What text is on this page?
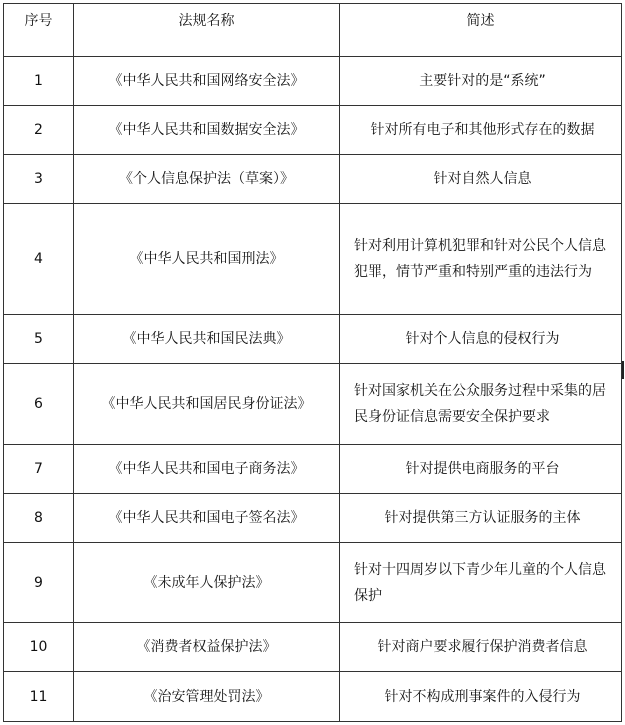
序号	法规名称	简述
1	《中华人民共和国网络安全法》	主要针对的是“系统”
2	《中华人民共和国数据安全法》	针对所有电子和其他形式存在的数据
3	《个人信息保护法（草案）》	针对自然人信息
4	《中华人民共和国刑法》	针对利用计算机犯罪和针对公民个人信息犯罪，情节严重和特别严重的违法行为
5	《中华人民共和国民法典》	针对个人信息的侵权行为
6	《中华人民共和国居民身份证法》	针对国家机关在公众服务过程中采集的居民身份证信息需要安全保护要求
7	《中华人民共和国电子商务法》	针对提供电商服务的平台
8	《中华人民共和国电子签名法》	针对提供第三方认证服务的主体
9	《未成年人保护法》	针对十四周岁以下青少年儿童的个人信息保护
10	《消费者权益保护法》	针对商户要求履行保护消费者信息
11	《治安管理处罚法》	针对不构成刑事案件的入侵行为
